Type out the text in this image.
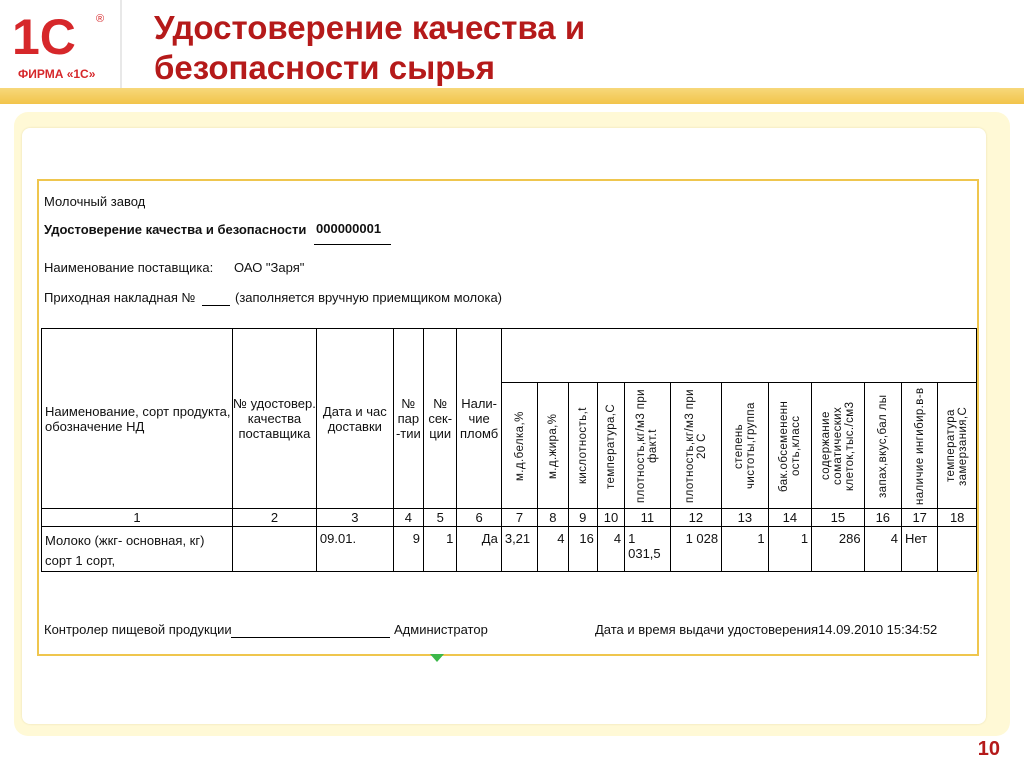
1С ®
ФИРМА «1С»
Удостоверение качества и
безопасности сырья
Молочный завод
Удостоверение качества и безопасности 000000001
Наименование поставщика: ОАО "Заря"
Приходная накладная №	(заполняется вручную приемщиком молока)
Наименование, сорт продукта, обозначение НД	№ удостовер. качества поставщика	Дата и час доставки	№ пар -тии	№ сек- ции	Нали- чие пломб												

						м.д.белка,%	м.д.жира,%	кислотность,t	температура,С	плотность,кг/м3 при факт.t	плотность,кг/м3 при 20 С	степень чистоты,группа	бак.обсемененн ость,класс	содержание соматических клеток,тыс./см3	запах,вкус,бал лы	наличие ингибир.в-в	температура замерзания,С

1	2	3	4	5	6	7	8	9	10	11	12	13	14	15	16	17	18

Молоко (жкг- основная, кг)
сорт 1 сорт,		09.01.	9	1	Да	3,21	4	16	4	1 031,5	1 028	1	1	286	4	Нет	
Контролер пищевой продукции	Администратор	Дата и время выдачи удостоверения 14.09.2010 15:34:52
10
